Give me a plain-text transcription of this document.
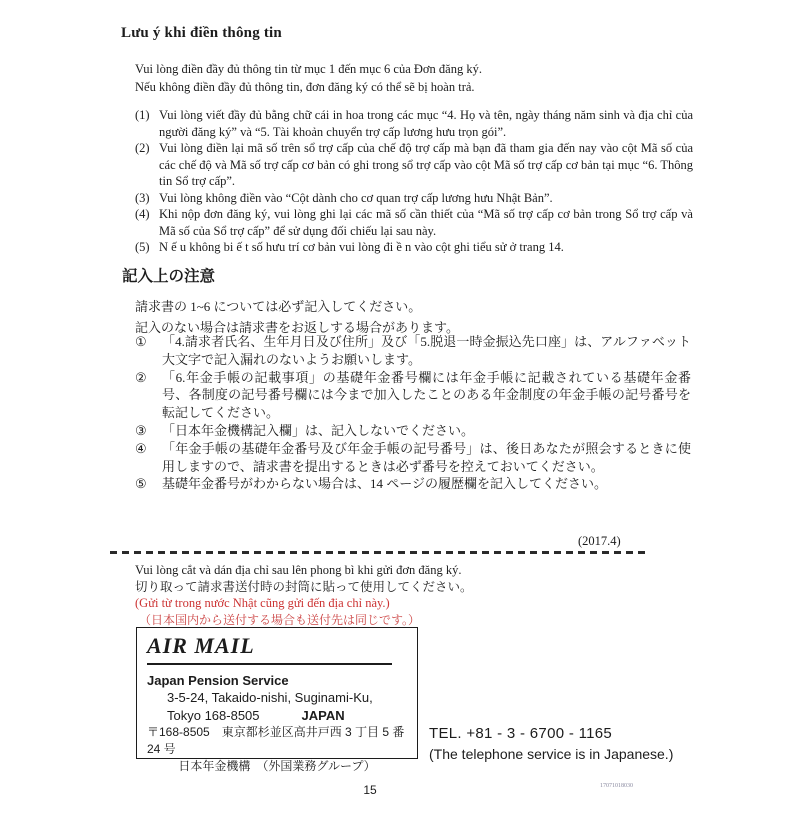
Lưu ý khi điền thông tin
Vui lòng điền đầy đủ thông tin từ mục 1 đến mục 6 của Đơn đăng ký.
Nếu không điền đầy đủ thông tin, đơn đăng ký có thể sẽ bị hoàn trả.
(1) Vui lòng viết đầy đủ bằng chữ cái in hoa trong các mục “4. Họ và tên, ngày tháng năm sinh và địa chỉ của người đăng ký” và “5. Tài khoản chuyển trợ cấp lương hưu trọn gói”.
(2) Vui lòng điền lại mã số trên sổ trợ cấp của chế độ trợ cấp mà bạn đã tham gia đến nay vào cột Mã số của các chế độ và Mã số trợ cấp cơ bản có ghi trong sổ trợ cấp vào cột Mã số trợ cấp cơ bản tại mục “6. Thông tin Sổ trợ cấp”.
(3) Vui lòng không điền vào “Cột dành cho cơ quan trợ cấp lương hưu Nhật Bản”.
(4) Khi nộp đơn đăng ký, vui lòng ghi lại các mã số cần thiết của “Mã số trợ cấp cơ bản trong Sổ trợ cấp và Mã số của Sổ trợ cấp” để sử dụng đối chiếu lại sau này.
(5) N ế u không bi ế t số hưu trí cơ bản vui lòng đi ề n vào cột ghi tiểu sử ở trang 14.
記入上の注意
請求書の 1~6 については必ず記入してください。
記入のない場合は請求書をお返しする場合があります。
①	「4.請求者氏名、生年月日及び住所」及び「5.脱退一時金振込先口座」は、アルファベット大文字で記入漏れのないようお願いします。
②	「6.年金手帳の記載事項」の基礎年金番号欄には年金手帳に記載されている基礎年金番号、各制度の記号番号欄には今まで加入したことのある年金制度の年金手帳の記号番号を転記してください。
③	「日本年金機構記入欄」は、記入しないでください。
④	「年金手帳の基礎年金番号及び年金手帳の記号番号」は、後日あなたが照会するときに使用しますので、請求書を提出するときは必ず番号を控えておいてください。
⑤	基礎年金番号がわからない場合は、14 ページの履歴欄を記入してください。
(2017.4)
Vui lòng cắt và dán địa chỉ sau lên phong bì khi gửi đơn đăng ký.
切り取って請求書送付時の封筒に貼って使用してください。
(Gửi từ trong nước Nhật cũng gửi đến địa chỉ này.)
（日本国内から送付する場合も送付先は同じです。）
AIR MAIL
Japan Pension Service
3-5-24, Takaido-nishi, Suginami-Ku,
Tokyo 168-8505	JAPAN
〒168-8505　東京都杉並区高井戸西 3 丁目 5 番 24 号
日本年金機構　（外国業務グループ）
TEL. +81 - 3 - 6700 - 1165
(The telephone service is in Japanese.)
15	17071018030
